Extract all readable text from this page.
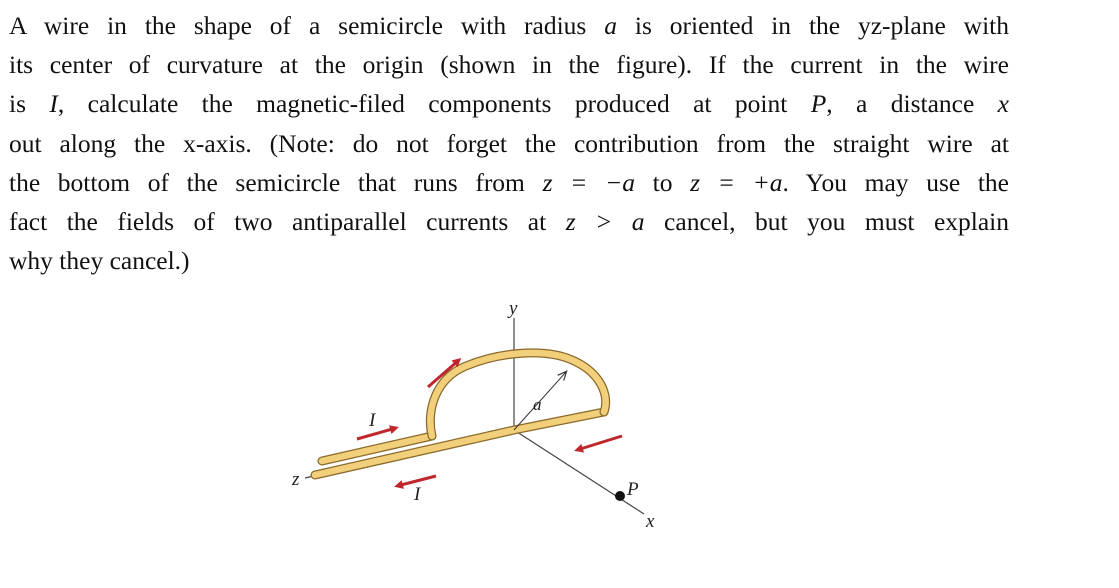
A wire in the shape of a semicircle with radius a is oriented in the yz-plane with
its center of curvature at the origin (shown in the figure). If the current in the wire
is I, calculate the magnetic-filed components produced at point P, a distance x
out along the x-axis. (Note: do not forget the contribution from the straight wire at
the bottom of the semicircle that runs from z = −a to z = +a. You may use the
fact the fields of two antiparallel currents at z > a cancel, but you must explain
why they cancel.)
y
z
x
a
I
I	P
